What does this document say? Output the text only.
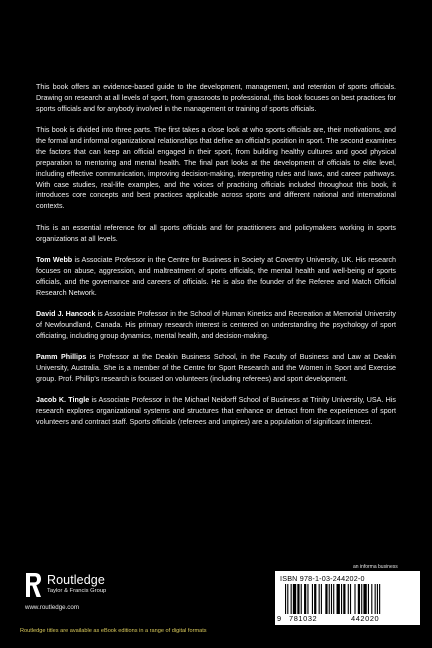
This book offers an evidence-based guide to the development, management, and retention of sports officials. Drawing on research at all levels of sport, from grassroots to professional, this book focuses on best practices for sports officials and for anybody involved in the management or training of sports officials.

This book is divided into three parts. The first takes a close look at who sports officials are, their motivations, and the formal and informal organizational relationships that define an official's position in sport. The second examines the factors that can keep an official engaged in their sport, from building healthy cultures and good physical preparation to mentoring and mental health. The final part looks at the development of officials to elite level, including effective communication, improving decision-making, interpreting rules and laws, and career pathways. With case studies, real-life examples, and the voices of practicing officials included throughout this book, it introduces core concepts and best practices applicable across sports and different national and international contexts.

This is an essential reference for all sports officials and for practitioners and policymakers working in sports organizations at all levels.

Tom Webb is Associate Professor in the Centre for Business in Society at Coventry University, UK. His research focuses on abuse, aggression, and maltreatment of sports officials, the mental health and well-being of sports officials, and the governance and careers of officials. He is also the founder of the Referee and Match Official Research Network.

David J. Hancock is Associate Professor in the School of Human Kinetics and Recreation at Memorial University of Newfoundland, Canada. His primary research interest is centered on understanding the psychology of sport officiating, including group dynamics, mental health, and decision-making.

Pamm Phillips is Professor at the Deakin Business School, in the Faculty of Business and Law at Deakin University, Australia. She is a member of the Centre for Sport Research and the Women in Sport and Exercise group. Prof. Phillip's research is focused on volunteers (including referees) and sport development.

Jacob K. Tingle is Associate Professor in the Michael Neidorff School of Business at Trinity University, USA. His research explores organizational systems and structures that enhance or detract from the experiences of sport volunteers and contract staff. Sports officials (referees and umpires) are a population of significant interest.

Routledge
Taylor & Francis Group
www.routledge.com
Routledge titles are available as eBook editions in a range of digital formats
an informa business
ISBN 978-1-03-244202-0
9 781032	442020
